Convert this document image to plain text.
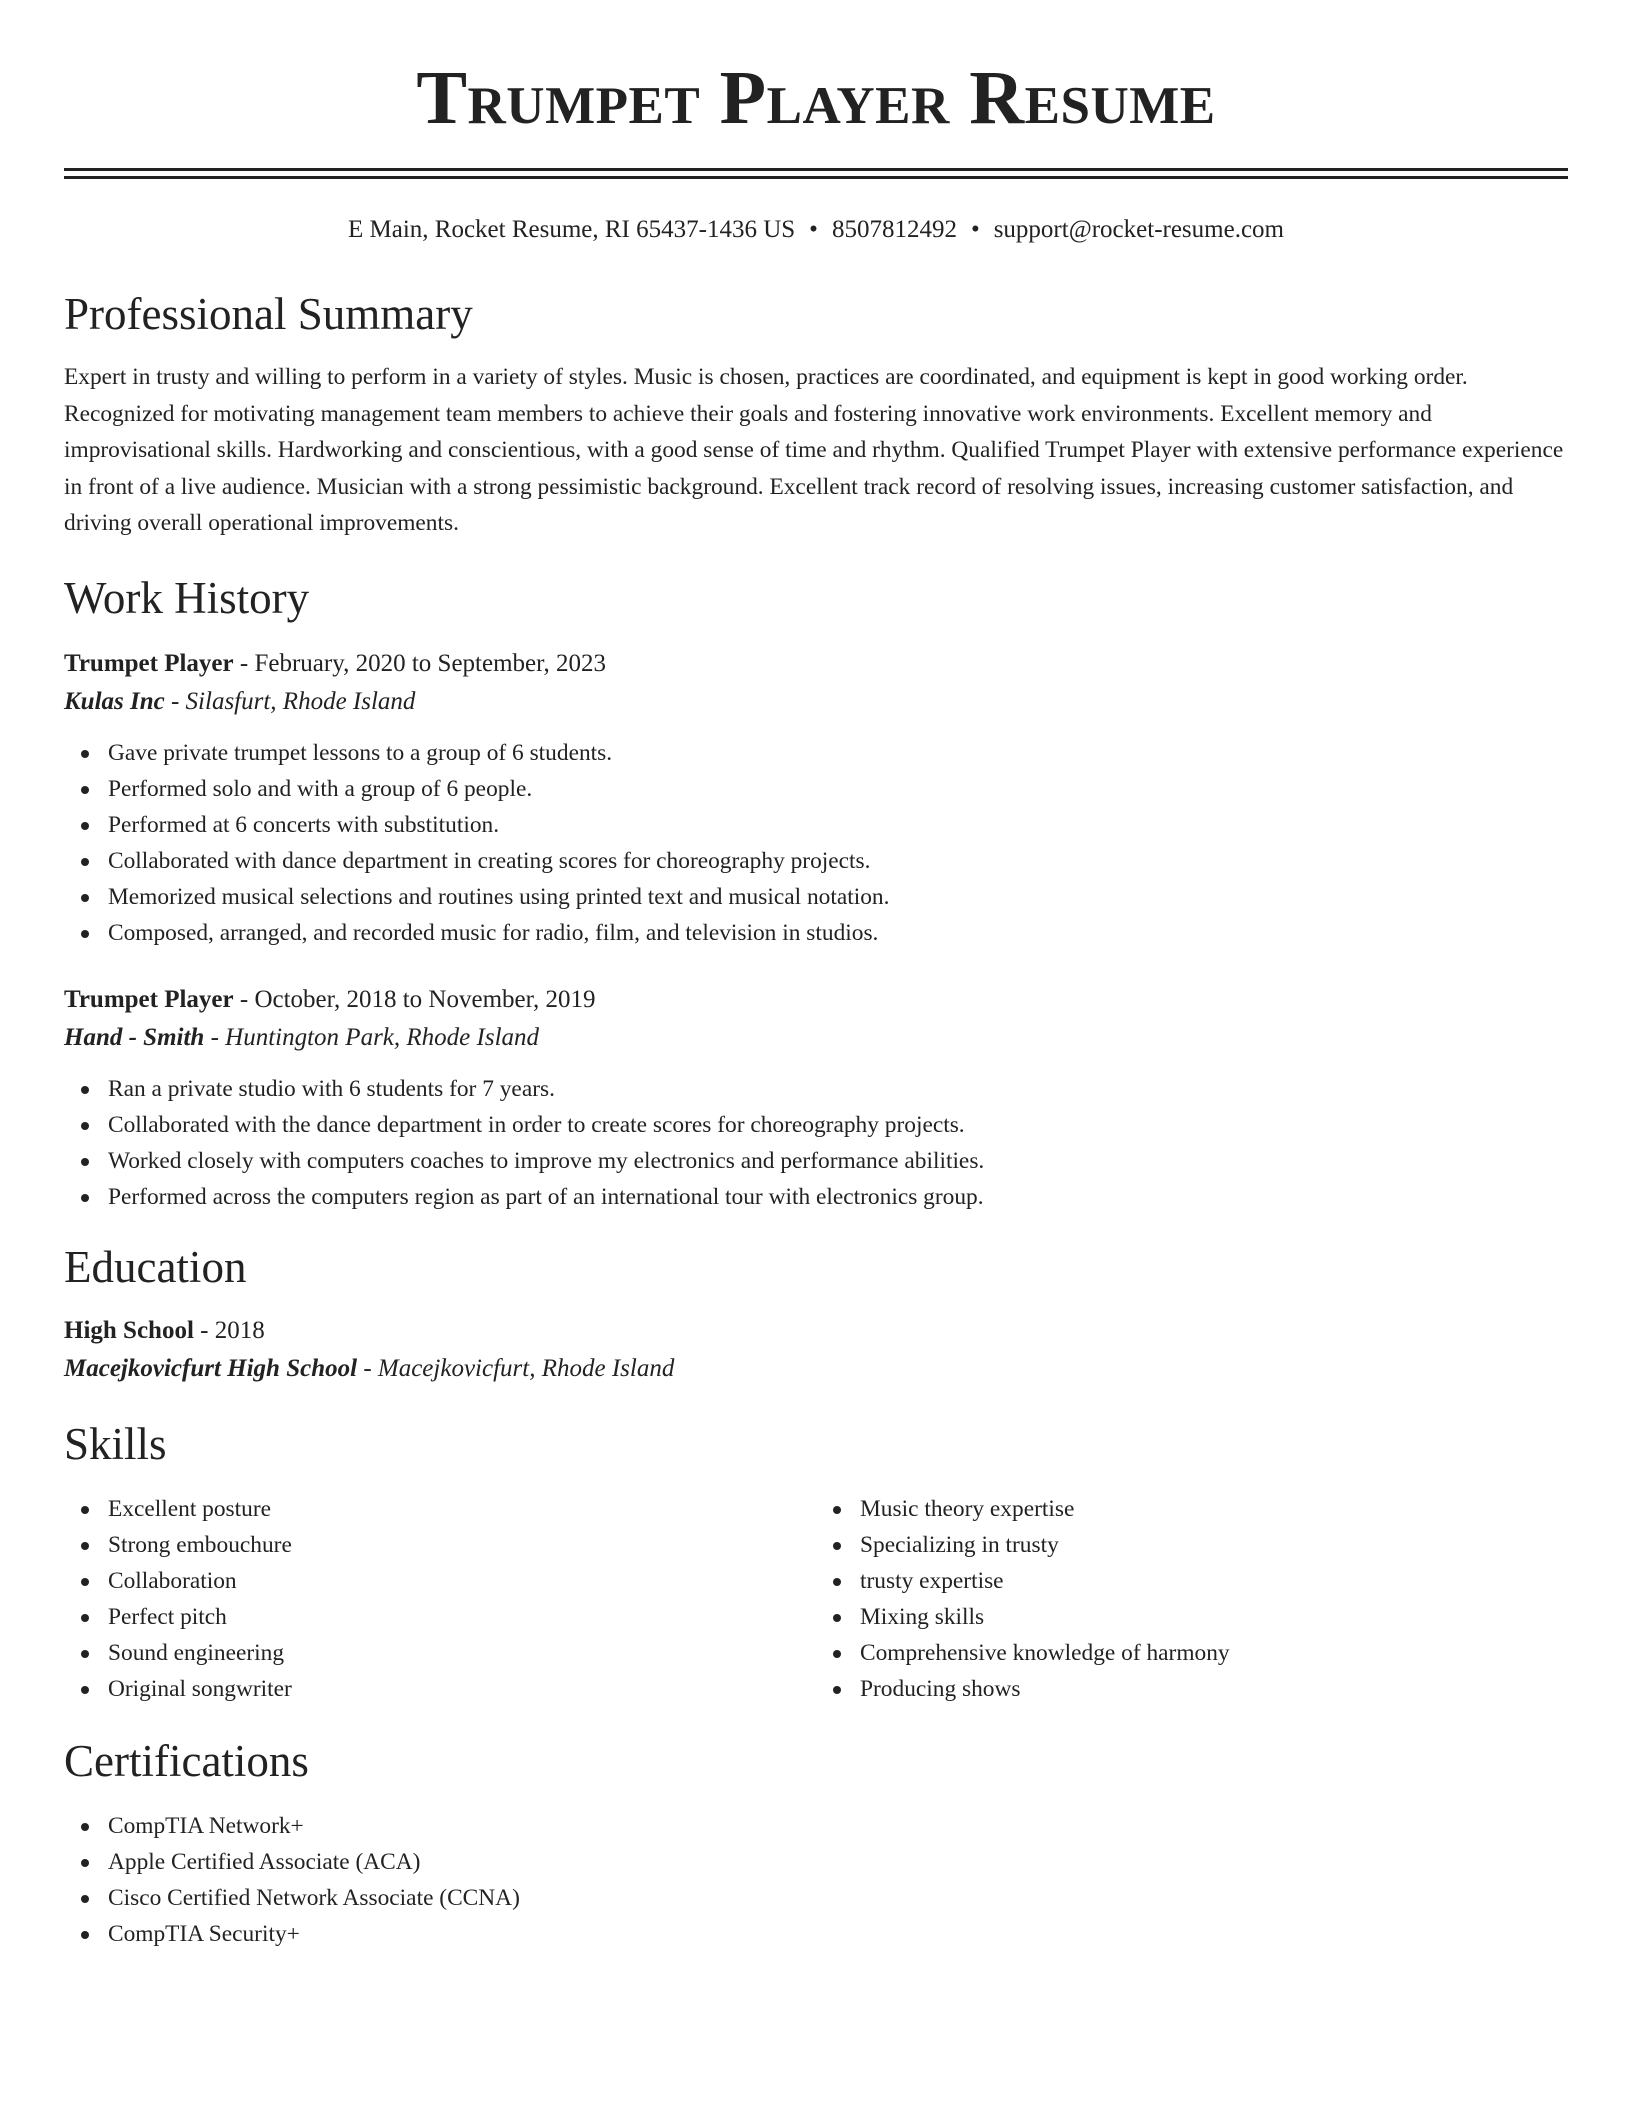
Trumpet Player Resume
E Main, Rocket Resume, RI 65437-1436 US • 8507812492 • support@rocket-resume.com
Professional Summary
Expert in trusty and willing to perform in a variety of styles. Music is chosen, practices are coordinated, and equipment is kept in good working order. Recognized for motivating management team members to achieve their goals and fostering innovative work environments. Excellent memory and improvisational skills. Hardworking and conscientious, with a good sense of time and rhythm. Qualified Trumpet Player with extensive performance experience in front of a live audience. Musician with a strong pessimistic background. Excellent track record of resolving issues, increasing customer satisfaction, and driving overall operational improvements.
Work History
Trumpet Player - February, 2020 to September, 2023
Kulas Inc - Silasfurt, Rhode Island
Gave private trumpet lessons to a group of 6 students.
Performed solo and with a group of 6 people.
Performed at 6 concerts with substitution.
Collaborated with dance department in creating scores for choreography projects.
Memorized musical selections and routines using printed text and musical notation.
Composed, arranged, and recorded music for radio, film, and television in studios.
Trumpet Player - October, 2018 to November, 2019
Hand - Smith - Huntington Park, Rhode Island
Ran a private studio with 6 students for 7 years.
Collaborated with the dance department in order to create scores for choreography projects.
Worked closely with computers coaches to improve my electronics and performance abilities.
Performed across the computers region as part of an international tour with electronics group.
Education
High School - 2018
Macejkovicfurt High School - Macejkovicfurt, Rhode Island
Skills
Excellent posture
Strong embouchure
Collaboration
Perfect pitch
Sound engineering
Original songwriter
Music theory expertise
Specializing in trusty
trusty expertise
Mixing skills
Comprehensive knowledge of harmony
Producing shows
Certifications
CompTIA Network+
Apple Certified Associate (ACA)
Cisco Certified Network Associate (CCNA)
CompTIA Security+
